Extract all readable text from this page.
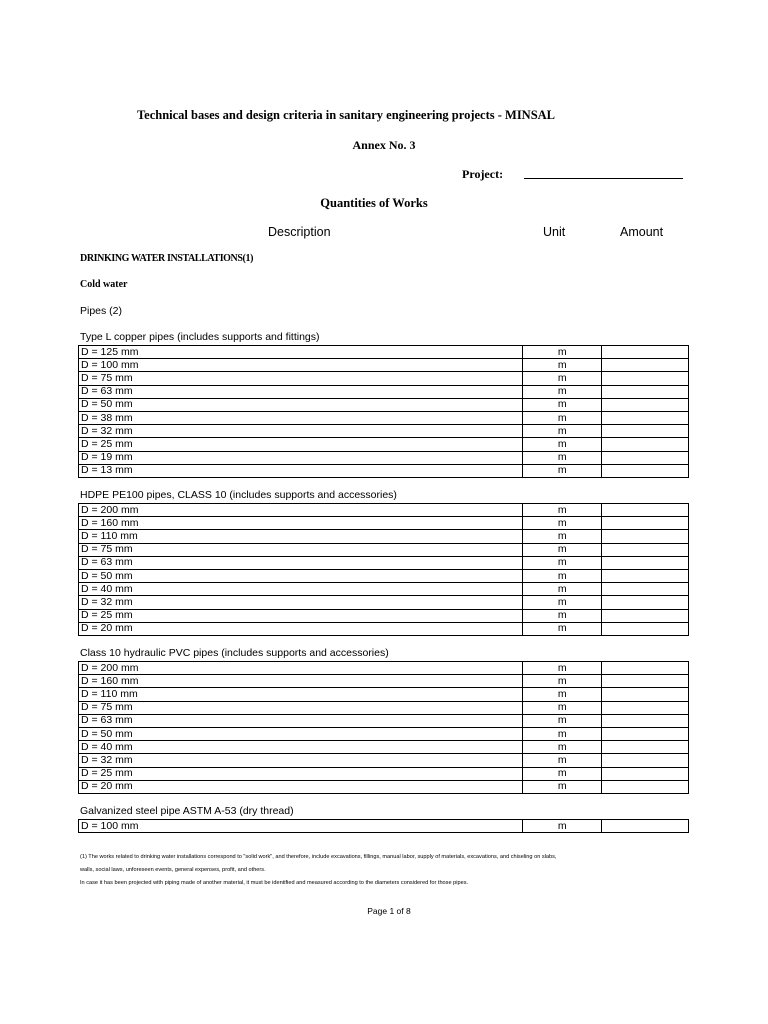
Technical bases and design criteria in sanitary engineering projects - MINSAL
Annex No. 3
Project:
Quantities of Works
Description	Unit	Amount
DRINKING WATER INSTALLATIONS(1)
Cold water
Pipes (2)
Type L copper pipes (includes supports and fittings)
D = 125 mm	m	
D = 100 mm	m	
D = 75 mm	m	
D = 63 mm	m	
D = 50 mm	m	
D = 38 mm	m	
D = 32 mm	m	
D = 25 mm	m	
D = 19 mm	m	
D = 13 mm	m	
HDPE PE100 pipes, CLASS 10 (includes supports and accessories)
D = 200 mm	m	
D = 160 mm	m	
D = 110 mm	m	
D = 75 mm	m	
D = 63 mm	m	
D = 50 mm	m	
D = 40 mm	m	
D = 32 mm	m	
D = 25 mm	m	
D = 20 mm	m	
Class 10 hydraulic PVC pipes (includes supports and accessories)
D = 200 mm	m	
D = 160 mm	m	
D = 110 mm	m	
D = 75 mm	m	
D = 63 mm	m	
D = 50 mm	m	
D = 40 mm	m	
D = 32 mm	m	
D = 25 mm	m	
D = 20 mm	m	
Galvanized steel pipe ASTM A-53 (dry thread)
D = 100 mm	m	
(1) The works related to drinking water installations correspond to "solid work", and therefore, include excavations, fillings, manual labor, supply of materials, excavations, and chiseling on slabs,
walls, social laws, unforeseen events, general expenses, profit, and others.
In case it has been projected with piping made of another material, it must be identified and measured according to the diameters considered for those pipes.
Page 1 of 8
